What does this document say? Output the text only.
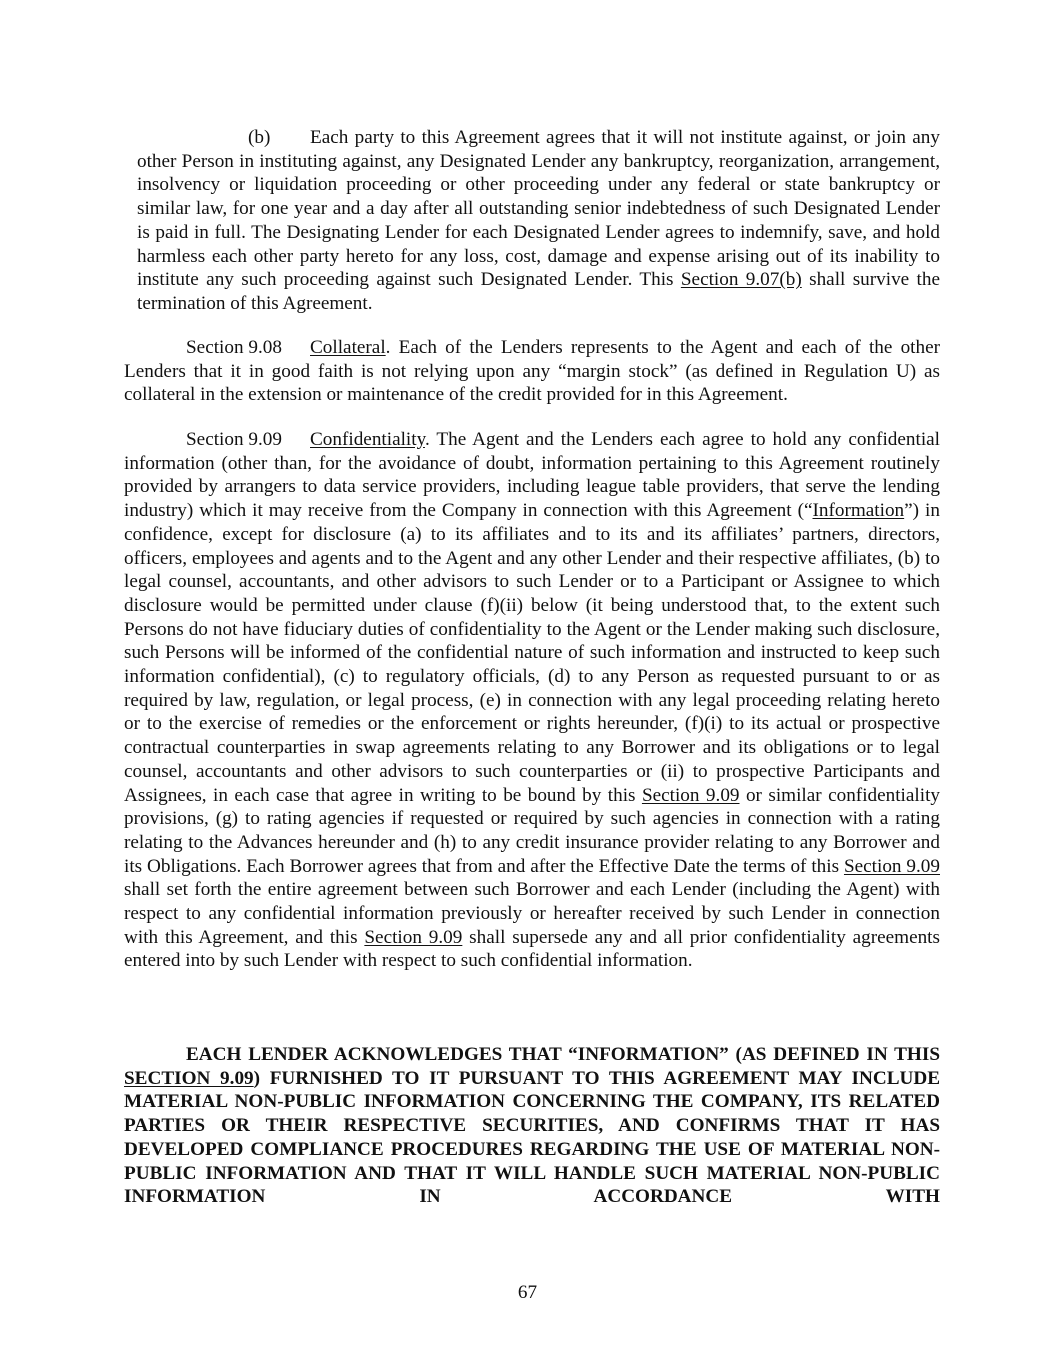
(b) Each party to this Agreement agrees that it will not institute against, or join any other Person in instituting against, any Designated Lender any bankruptcy, reorganization, arrangement, insolvency or liquidation proceeding or other proceeding under any federal or state bankruptcy or similar law, for one year and a day after all outstanding senior indebtedness of such Designated Lender is paid in full. The Designating Lender for each Designated Lender agrees to indemnify, save, and hold harmless each other party hereto for any loss, cost, damage and expense arising out of its inability to institute any such proceeding against such Designated Lender. This Section 9.07(b) shall survive the termination of this Agreement.

Section 9.08 Collateral. Each of the Lenders represents to the Agent and each of the other Lenders that it in good faith is not relying upon any “margin stock” (as defined in Regulation U) as collateral in the extension or maintenance of the credit provided for in this Agreement.

Section 9.09 Confidentiality. The Agent and the Lenders each agree to hold any confidential information (other than, for the avoidance of doubt, information pertaining to this Agreement routinely provided by arrangers to data service providers, including league table providers, that serve the lending industry) which it may receive from the Company in connection with this Agreement (“Information”) in confidence, except for disclosure (a) to its affiliates and to its and its affiliates’ partners, directors, officers, employees and agents and to the Agent and any other Lender and their respective affiliates, (b) to legal counsel, accountants, and other advisors to such Lender or to a Participant or Assignee to which disclosure would be permitted under clause (f)(ii) below (it being understood that, to the extent such Persons do not have fiduciary duties of confidentiality to the Agent or the Lender making such disclosure, such Persons will be informed of the confidential nature of such information and instructed to keep such information confidential), (c) to regulatory officials, (d) to any Person as requested pursuant to or as required by law, regulation, or legal process, (e) in connection with any legal proceeding relating hereto or to the exercise of remedies or the enforcement or rights hereunder, (f)(i) to its actual or prospective contractual counterparties in swap agreements relating to any Borrower and its obligations or to legal counsel, accountants and other advisors to such counterparties or (ii) to prospective Participants and Assignees, in each case that agree in writing to be bound by this Section 9.09 or similar confidentiality provisions, (g) to rating agencies if requested or required by such agencies in connection with a rating relating to the Advances hereunder and (h) to any credit insurance provider relating to any Borrower and its Obligations. Each Borrower agrees that from and after the Effective Date the terms of this Section 9.09 shall set forth the entire agreement between such Borrower and each Lender (including the Agent) with respect to any confidential information previously or hereafter received by such Lender in connection with this Agreement, and this Section 9.09 shall supersede any and all prior confidentiality agreements entered into by such Lender with respect to such confidential information.

EACH LENDER ACKNOWLEDGES THAT “INFORMATION” (AS DEFINED IN THIS SECTION 9.09) FURNISHED TO IT PURSUANT TO THIS AGREEMENT MAY INCLUDE MATERIAL NON-PUBLIC INFORMATION CONCERNING THE COMPANY, ITS RELATED PARTIES OR THEIR RESPECTIVE SECURITIES, AND CONFIRMS THAT IT HAS DEVELOPED COMPLIANCE PROCEDURES REGARDING THE USE OF MATERIAL NON-PUBLIC INFORMATION AND THAT IT WILL HANDLE SUCH MATERIAL NON-PUBLIC INFORMATION IN ACCORDANCE WITH

67
